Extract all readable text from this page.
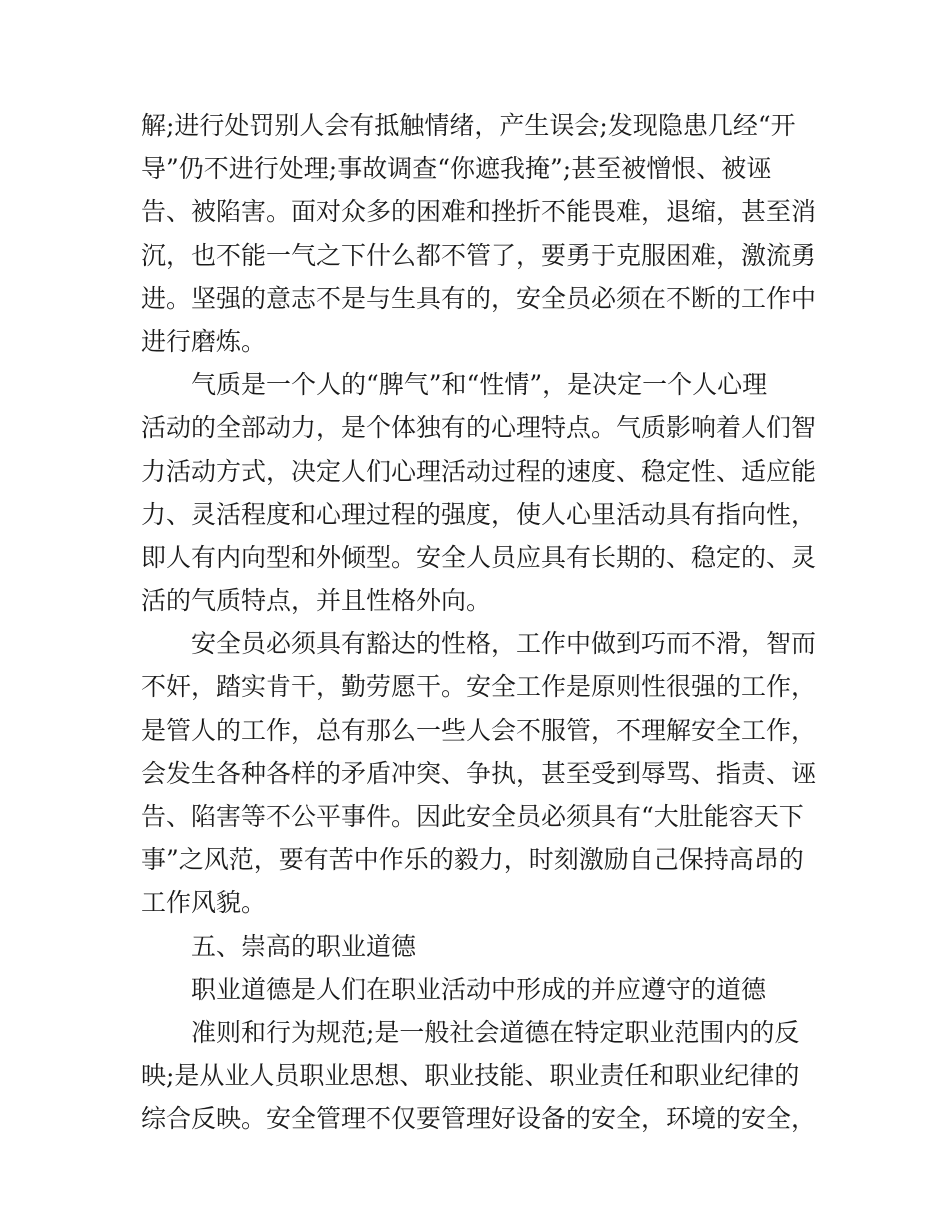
解;进行处罚别人会有抵触情绪，产生误会;发现隐患几经“开
导”仍不进行处理;事故调查“你遮我掩”;甚至被憎恨、被诬
告、被陷害。面对众多的困难和挫折不能畏难，退缩，甚至消
沉，也不能一气之下什么都不管了，要勇于克服困难，激流勇
进。坚强的意志不是与生具有的，安全员必须在不断的工作中
进行磨炼。
气质是一个人的“脾气”和“性情”，是决定一个人心理
活动的全部动力，是个体独有的心理特点。气质影响着人们智
力活动方式，决定人们心理活动过程的速度、稳定性、适应能
力、灵活程度和心理过程的强度，使人心里活动具有指向性，
即人有内向型和外倾型。安全人员应具有长期的、稳定的、灵
活的气质特点，并且性格外向。
安全员必须具有豁达的性格，工作中做到巧而不滑，智而
不奸，踏实肯干，勤劳愿干。安全工作是原则性很强的工作，
是管人的工作，总有那么一些人会不服管，不理解安全工作，
会发生各种各样的矛盾冲突、争执，甚至受到辱骂、指责、诬
告、陷害等不公平事件。因此安全员必须具有“大肚能容天下
事”之风范，要有苦中作乐的毅力，时刻激励自己保持高昂的
工作风貌。
五、崇高的职业道德
职业道德是人们在职业活动中形成的并应遵守的道德
准则和行为规范;是一般社会道德在特定职业范围内的反
映;是从业人员职业思想、职业技能、职业责任和职业纪律的
综合反映。安全管理不仅要管理好设备的安全，环境的安全，
